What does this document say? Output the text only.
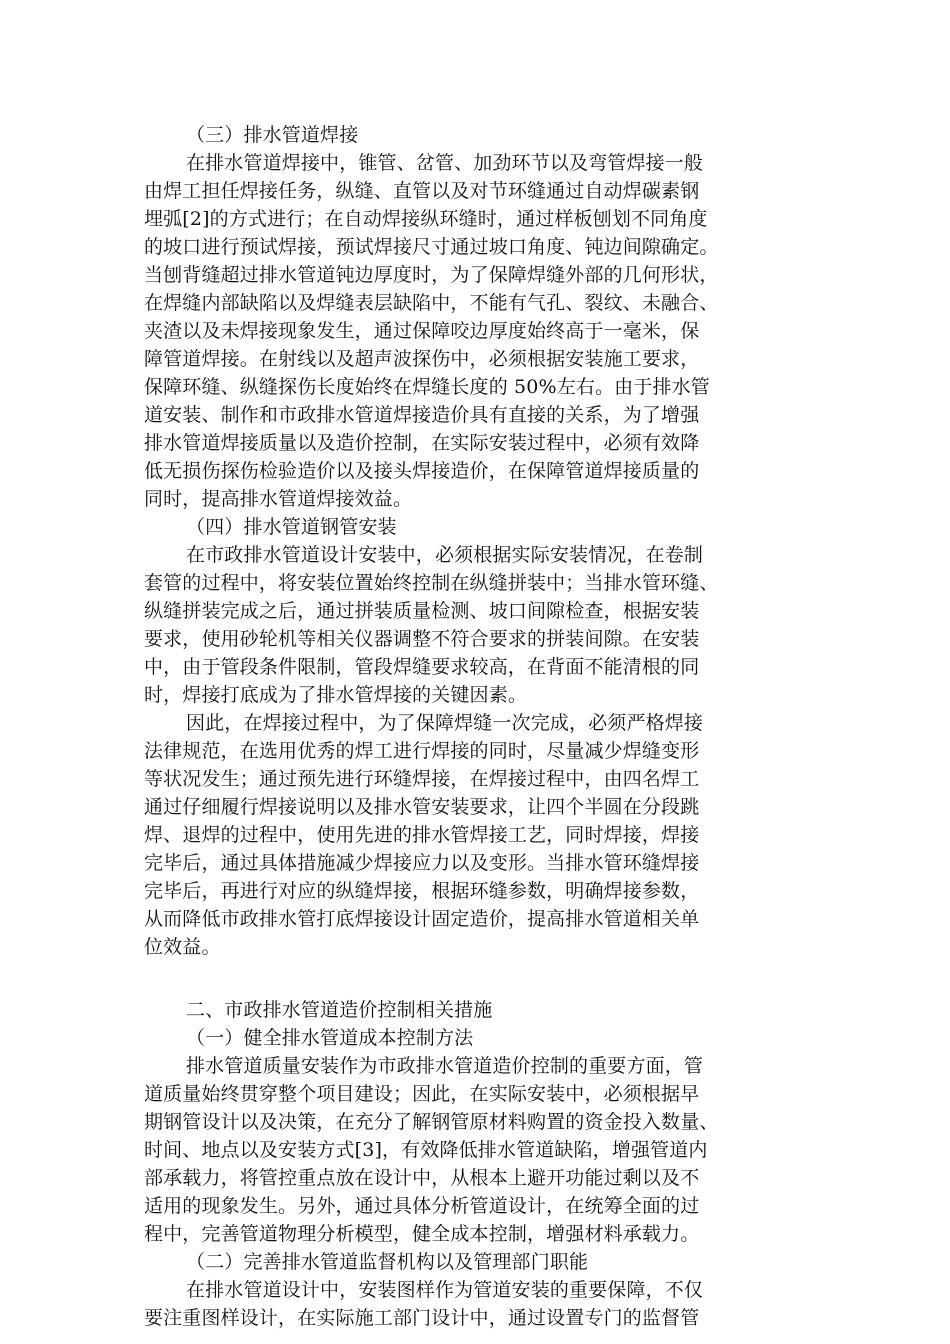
（三）排水管道焊接
在排水管道焊接中，锥管、岔管、加劲环节以及弯管焊接一般
由焊工担任焊接任务，纵缝、直管以及对节环缝通过自动焊碳素钢
埋弧[2]的方式进行；在自动焊接纵环缝时，通过样板刨划不同角度
的坡口进行预试焊接，预试焊接尺寸通过坡口角度、钝边间隙确定。
当刨背缝超过排水管道钝边厚度时，为了保障焊缝外部的几何形状，
在焊缝内部缺陷以及焊缝表层缺陷中，不能有气孔、裂纹、未融合、
夹渣以及未焊接现象发生，通过保障咬边厚度始终高于一毫米，保
障管道焊接。在射线以及超声波探伤中，必须根据安装施工要求，
保障环缝、纵缝探伤长度始终在焊缝长度的 50%左右。由于排水管
道安装、制作和市政排水管道焊接造价具有直接的关系，为了增强
排水管道焊接质量以及造价控制，在实际安装过程中，必须有效降
低无损伤探伤检验造价以及接头焊接造价，在保障管道焊接质量的
同时，提高排水管道焊接效益。
（四）排水管道钢管安装
在市政排水管道设计安装中，必须根据实际安装情况，在卷制
套管的过程中，将安装位置始终控制在纵缝拼装中；当排水管环缝、
纵缝拼装完成之后，通过拼装质量检测、坡口间隙检查，根据安装
要求，使用砂轮机等相关仪器调整不符合要求的拼装间隙。在安装
中，由于管段条件限制，管段焊缝要求较高，在背面不能清根的同
时，焊接打底成为了排水管焊接的关键因素。
因此，在焊接过程中，为了保障焊缝一次完成，必须严格焊接
法律规范，在选用优秀的焊工进行焊接的同时，尽量减少焊缝变形
等状况发生；通过预先进行环缝焊接，在焊接过程中，由四名焊工
通过仔细履行焊接说明以及排水管安装要求，让四个半圆在分段跳
焊、退焊的过程中，使用先进的排水管焊接工艺，同时焊接，焊接
完毕后，通过具体措施减少焊接应力以及变形。当排水管环缝焊接
完毕后，再进行对应的纵缝焊接，根据环缝参数，明确焊接参数，
从而降低市政排水管打底焊接设计固定造价，提高排水管道相关单
位效益。
二、市政排水管道造价控制相关措施
（一）健全排水管道成本控制方法
排水管道质量安装作为市政排水管道造价控制的重要方面，管
道质量始终贯穿整个项目建设；因此，在实际安装中，必须根据早
期钢管设计以及决策，在充分了解钢管原材料购置的资金投入数量、
时间、地点以及安装方式[3]，有效降低排水管道缺陷，增强管道内
部承载力，将管控重点放在设计中，从根本上避开功能过剩以及不
适用的现象发生。另外，通过具体分析管道设计，在统筹全面的过
程中，完善管道物理分析模型，健全成本控制，增强材料承载力。
（二）完善排水管道监督机构以及管理部门职能
在排水管道设计中，安装图样作为管道安装的重要保障，不仅
要注重图样设计，在实际施工部门设计中，通过设置专门的监督管
